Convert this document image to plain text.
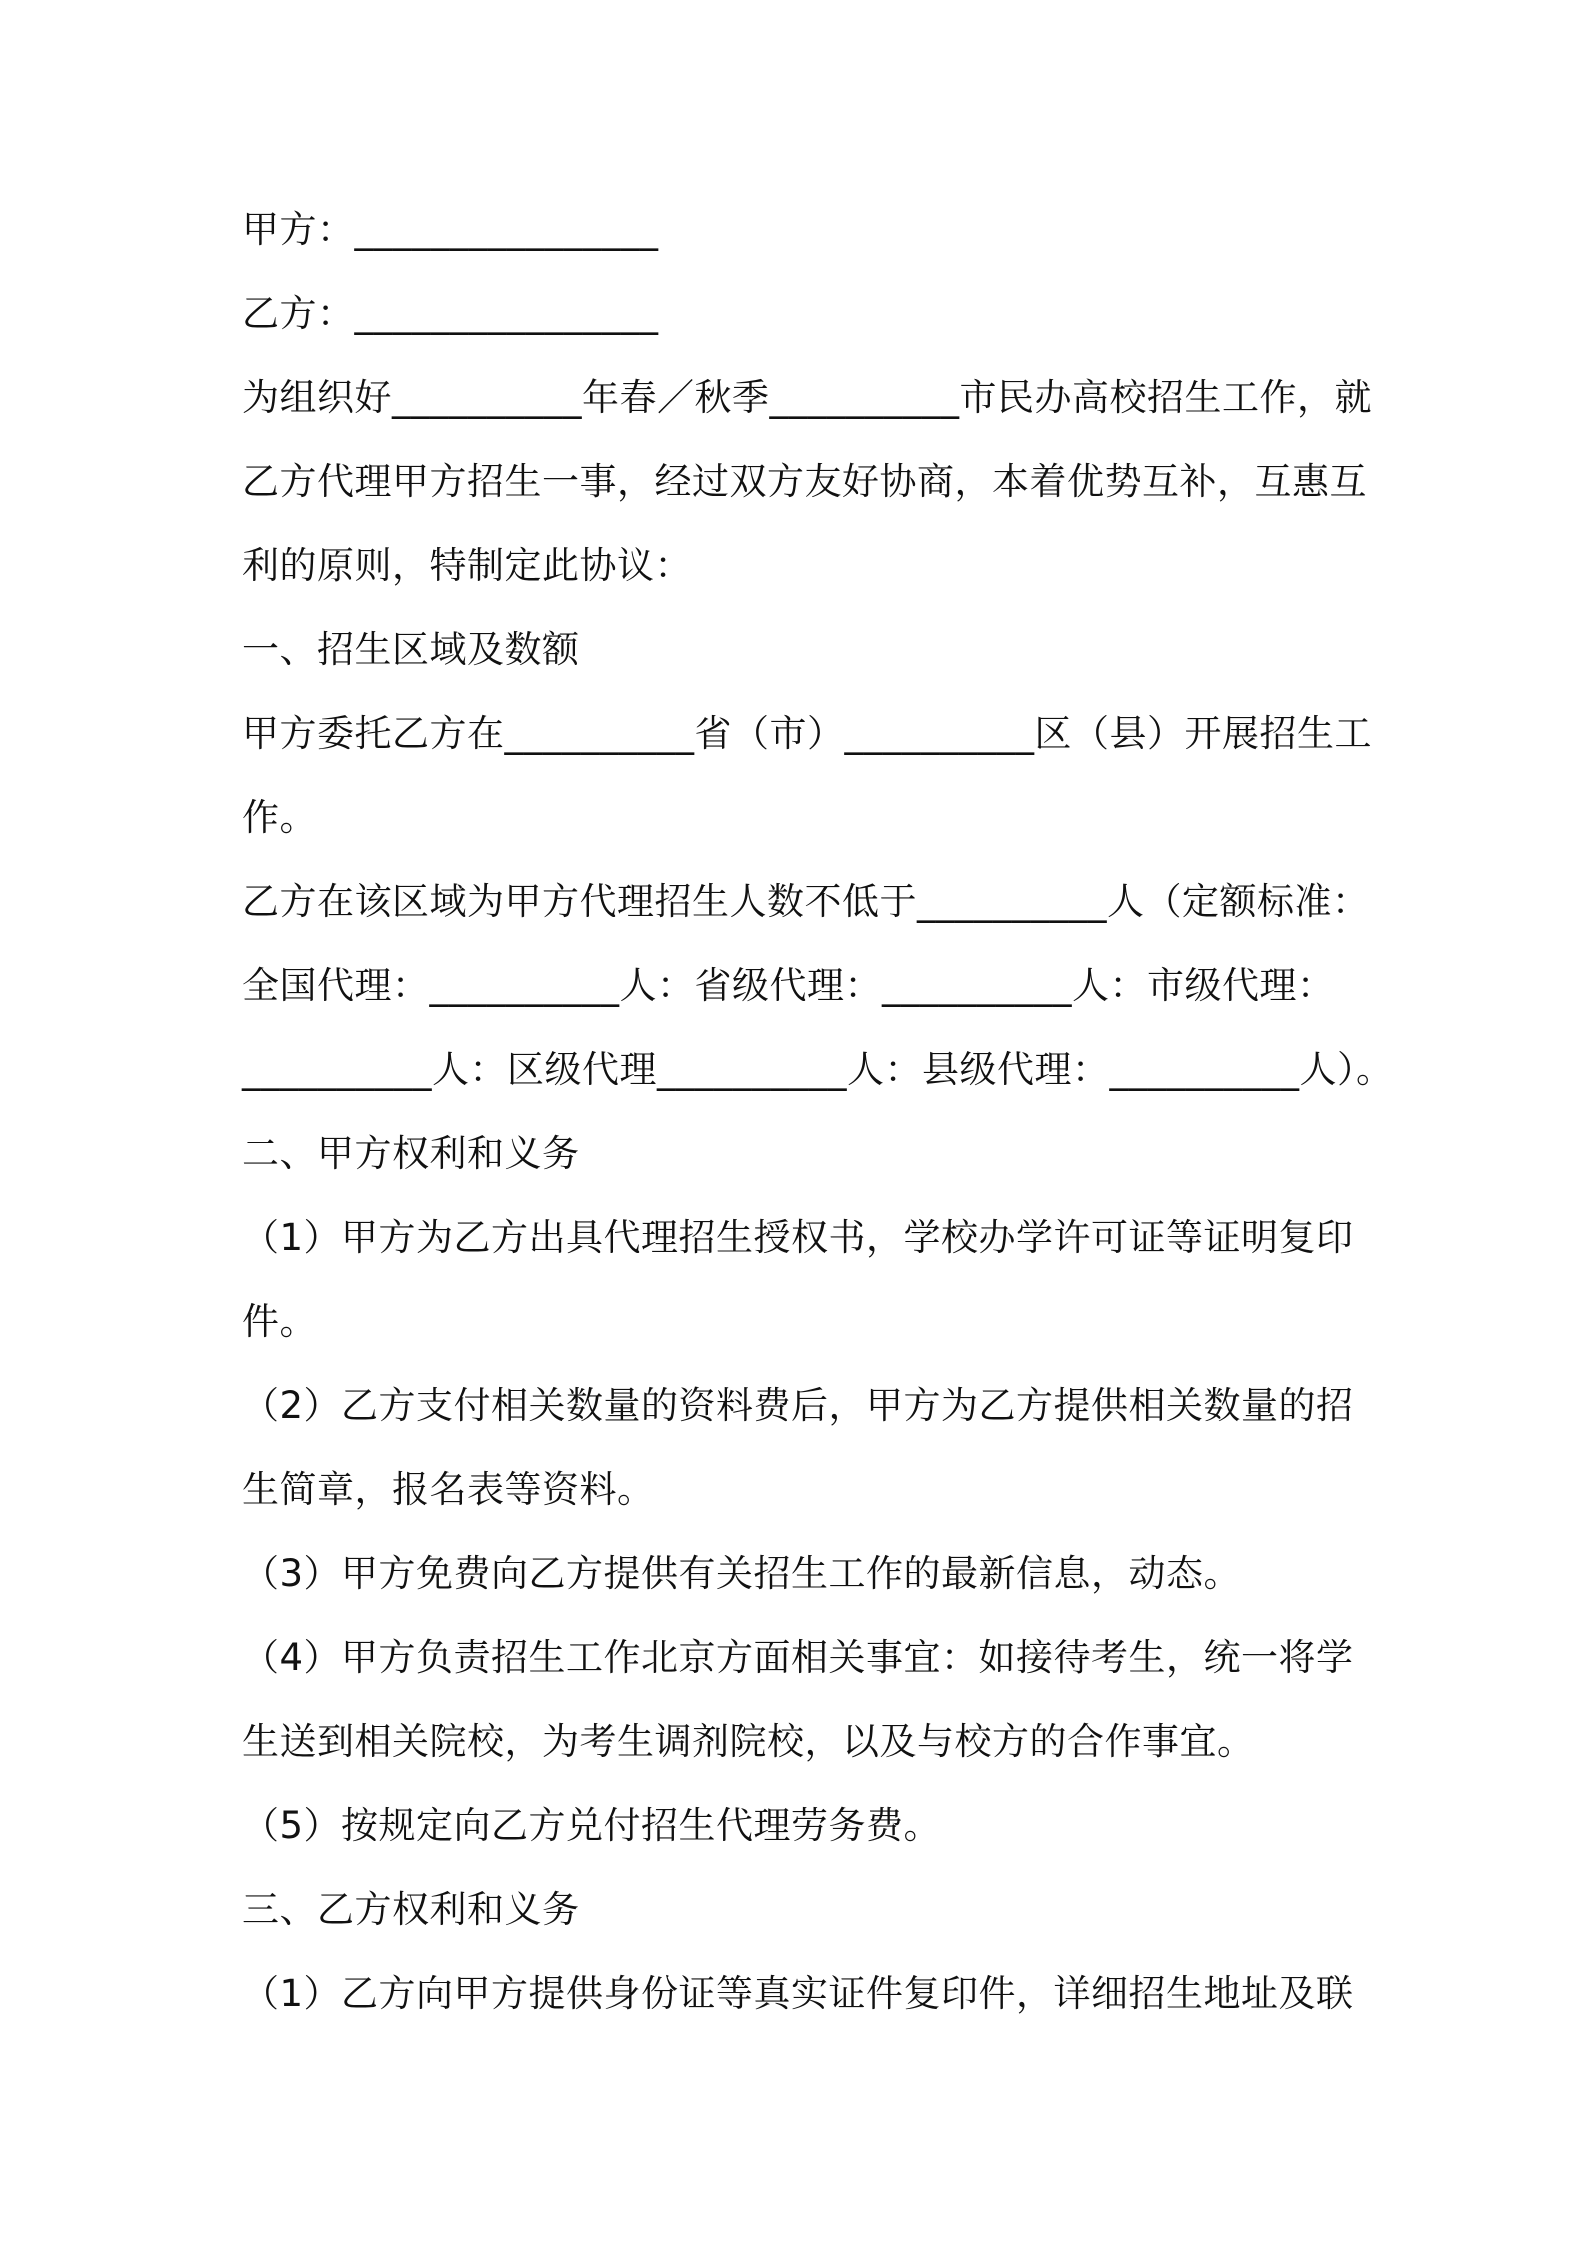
甲方：________________

乙方：________________

为组织好__________年春／秋季__________市民办高校招生工作，就

乙方代理甲方招生一事，经过双方友好协商，本着优势互补，互惠互

利的原则，特制定此协议：

一、招生区域及数额

甲方委托乙方在__________省（市）__________区（县）开展招生工

作。

乙方在该区域为甲方代理招生人数不低于__________人（定额标准：

全国代理：__________人：省级代理：__________人：市级代理：

__________人：区级代理__________人：县级代理：__________人）。

二、甲方权利和义务

（1）甲方为乙方出具代理招生授权书，学校办学许可证等证明复印

件。

（2）乙方支付相关数量的资料费后，甲方为乙方提供相关数量的招

生简章，报名表等资料。

（3）甲方免费向乙方提供有关招生工作的最新信息，动态。

（4）甲方负责招生工作北京方面相关事宜：如接待考生，统一将学

生送到相关院校，为考生调剂院校，以及与校方的合作事宜。

（5）按规定向乙方兑付招生代理劳务费。

三、乙方权利和义务

（1）乙方向甲方提供身份证等真实证件复印件，详细招生地址及联
